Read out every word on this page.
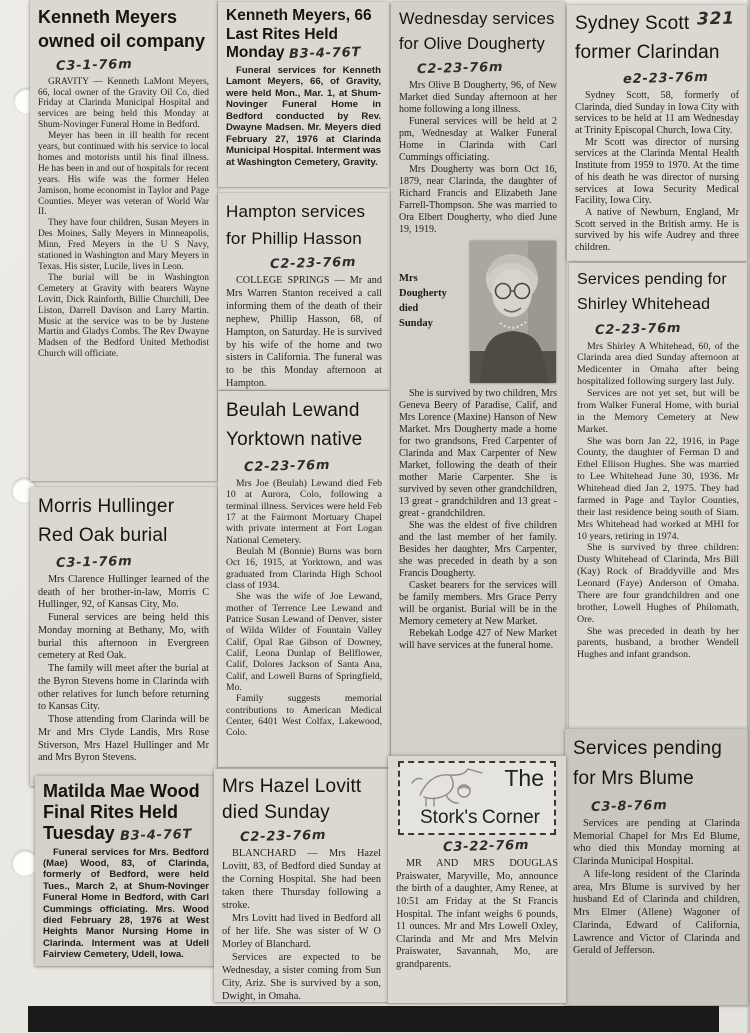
Kenneth Meyers
owned oil company
C3-1-76m

GRAVITY — Kenneth LaMont Meyers, 66, local owner of the Gravity Oil Co, died Friday at Clarinda Municipal Hospital and services are being held this Monday at Shum-Novinger Funeral Home in Bedford.

Meyer has been in ill health for recent years, but continued with his service to local homes and motorists until his final illness. He has been in and out of hospitals for recent years. His wife was the former Helen Jamison, home economist in Taylor and Page Counties. Meyer was veteran of World War II.

They have four children, Susan Meyers in Des Moines, Sally Meyers in Minneapolis, Minn, Fred Meyers in the U S Navy, stationed in Washington and Mary Meyers in Texas. His sister, Lucile, lives in Leon.

The burial will be in Washington Cemetery at Gravity with bearers Wayne Lovitt, Dick Rainforth, Billie Churchill, Dee Liston, Darrell Davison and Larry Martin. Music at the service was to be by Justene Martin and Gladys Combs. The Rev Dwayne Madsen of the Bedford United Methodist Church will officiate.

Morris Hullinger
Red Oak burial
C3-1-76m

Mrs Clarence Hullinger learned of the death of her brother-in-law, Morris C Hullinger, 92, of Kansas City, Mo.

Funeral services are being held this Monday morning at Bethany, Mo, with burial this afternoon in Evergreen cemetery at Red Oak.

The family will meet after the burial at the Byron Stevens home in Clarinda with other relatives for lunch before returning to Kansas City.

Those attending from Clarinda will be Mr and Mrs Clyde Landis, Mrs Rose Stiverson, Mrs Hazel Hullinger and Mr and Mrs Byron Stevens.

Matilda Mae Wood
Final Rites Held
Tuesday B3-4-76T

Funeral services for Mrs. Bedford (Mae) Wood, 83, of Clarinda, formerly of Bedford, were held Tues., March 2, at Shum-Novinger Funeral Home in Bedford, with Carl Cummings officiating. Mrs. Wood died February 28, 1976 at West Heights Manor Nursing Home in Clarinda. Interment was at Udell Fairview Cemetery, Udell, Iowa.

Kenneth Meyers, 66
Last Rites Held
Monday B3-4-76T

Funeral services for Kenneth Lamont Meyers, 66, of Gravity, were held Mon., Mar. 1, at Shum-Novinger Funeral Home in Bedford conducted by Rev. Dwayne Madsen. Mr. Meyers died February 27, 1976 at Clarinda Municipal Hospital. Interment was at Washington Cemetery, Gravity.

Hampton services
for Phillip Hasson
C2-23-76m

COLLEGE SPRINGS — Mr and Mrs Warren Stanton received a call informing them of the death of their nephew, Phillip Hasson, 68, of Hampton, on Saturday. He is survived by his wife of the home and two sisters in California. The funeral was to be this Monday afternoon at Hampton.

Beulah Lewand
Yorktown native
C2-23-76m

Mrs Joe (Beulah) Lewand died Feb 10 at Aurora, Colo, following a terminal illness. Services were held Feb 17 at the Fairmont Mortuary Chapel with private interment at Fort Logan National Cemetery.

Beulah M (Bonnie) Burns was born Oct 16, 1915, at Yorktown, and was graduated from Clarinda High School class of 1934.

She was the wife of Joe Lewand, mother of Terrence Lee Lewand and Patrice Susan Lewand of Denver, sister of Wilda Wilder of Fountain Valley Calif, Opal Rae Gibson of Downey, Calif, Leona Dunlap of Bellflower, Calif, Dolores Jackson of Santa Ana, Calif, and Lowell Burns of Springfield, Mo.

Family suggests memorial contributions to American Medical Center, 6401 West Colfax, Lakewood, Colo.

Mrs Hazel Lovitt
died Sunday
C2-23-76m

BLANCHARD — Mrs Hazel Lovitt, 83, of Bedford died Sunday at the Corning Hospital. She had been taken there Thursday following a stroke.

Mrs Lovitt had lived in Bedford all of her life. She was sister of W O Morley of Blanchard.

Services are expected to be Wednesday, a sister coming from Sun City, Ariz. She is survived by a son, Dwight, in Omaha.

Wednesday services
for Olive Dougherty
C2-23-76m

Mrs Olive B Dougherty, 96, of New Market died Sunday afternoon at her home following a long illness.

Funeral services will be held at 2 pm, Wednesday at Walker Funeral Home in Clarinda with Carl Cummings officiating.

Mrs Dougherty was born Oct 16, 1879, near Clarinda, the daughter of Richard Francis and Elizabeth Jane Farrell-Thompson. She was married to Ora Elbert Dougherty, who died June 19, 1919.

Mrs Dougherty
died
Sunday

She is survived by two children, Mrs Geneva Beery of Paradise, Calif, and Mrs Lorence (Maxine) Hanson of New Market. Mrs Dougherty made a home for two grandsons, Fred Carpenter of Clarinda and Max Carpenter of New Market, following the death of their mother Marie Carpenter. She is survived by seven other grandchildren, 13 great - grandchildren and 13 great - great - grandchildren.

She was the eldest of five children and the last member of her family. Besides her daughter, Mrs Carpenter, she was preceded in death by a son Francis Dougherty.

Casket bearers for the services will be family members. Mrs Grace Perry will be organist. Burial will be in the Memory cemetery at New Market.

Rebekah Lodge 427 of New Market will have services at the funeral home.

The
Stork's Corner
C3-22-76m

MR AND MRS DOUGLAS Praiswater, Maryville, Mo, announce the birth of a daughter, Amy Renee, at 10:51 am Friday at the St Francis Hospital. The infant weighs 6 pounds, 11 ounces. Mr and Mrs Lowell Oxley, Clarinda and Mr and Mrs Melvin Praiswater, Savannah, Mo, are grandparents.

321
Sydney Scott
former Clarindan
e2-23-76m

Sydney Scott, 58, formerly of Clarinda, died Sunday in Iowa City with services to be held at 11 am Wednesday at Trinity Episcopal Church, Iowa City.

Mr Scott was director of nursing services at the Clarinda Mental Health Institute from 1959 to 1970. At the time of his death he was director of nursing services at Iowa Security Medical Facility, Iowa City.

A native of Newburn, England, Mr Scott served in the British army. He is survived by his wife Audrey and three children.

Services pending for
Shirley Whitehead
C2-23-76m

Mrs Shirley A Whitehead, 60, of the Clarinda area died Sunday afternoon at Medicenter in Omaha after being hospitalized following surgery last July.

Services are not yet set, but will be from Walker Funeral Home, with burial in the Memory Cemetery at New Market.

She was born Jan 22, 1916, in Page County, the daughter of Ferman D and Ethel Ellison Hughes. She was married to Lee Whitehead June 30, 1936. Mr Whitehead died Jan 2, 1975. They had farmed in Page and Taylor Counties, their last residence being south of Siam. Mrs Whitehead had worked at MHI for 10 years, retiring in 1974.

She is survived by three children: Dusty Whitehead of Clarinda, Mrs Bill (Kay) Rock of Braddyville and Mrs Leonard (Faye) Anderson of Omaha. There are four grandchildren and one brother, Lowell Hughes of Philomath, Ore.

She was preceded in death by her parents, husband, a brother Wendell Hughes and infant grandson.

Services pending
for Mrs Blume
C3-8-76m

Services are pending at Clarinda Memorial Chapel for Mrs Ed Blume, who died this Monday morning at Clarinda Municipal Hospital.

A life-long resident of the Clarinda area, Mrs Blume is survived by her husband Ed of Clarinda and children, Mrs Elmer (Allene) Wagoner of Clarinda, Edward of California, Lawrence and Victor of Clarinda and Gerald of Jefferson.
